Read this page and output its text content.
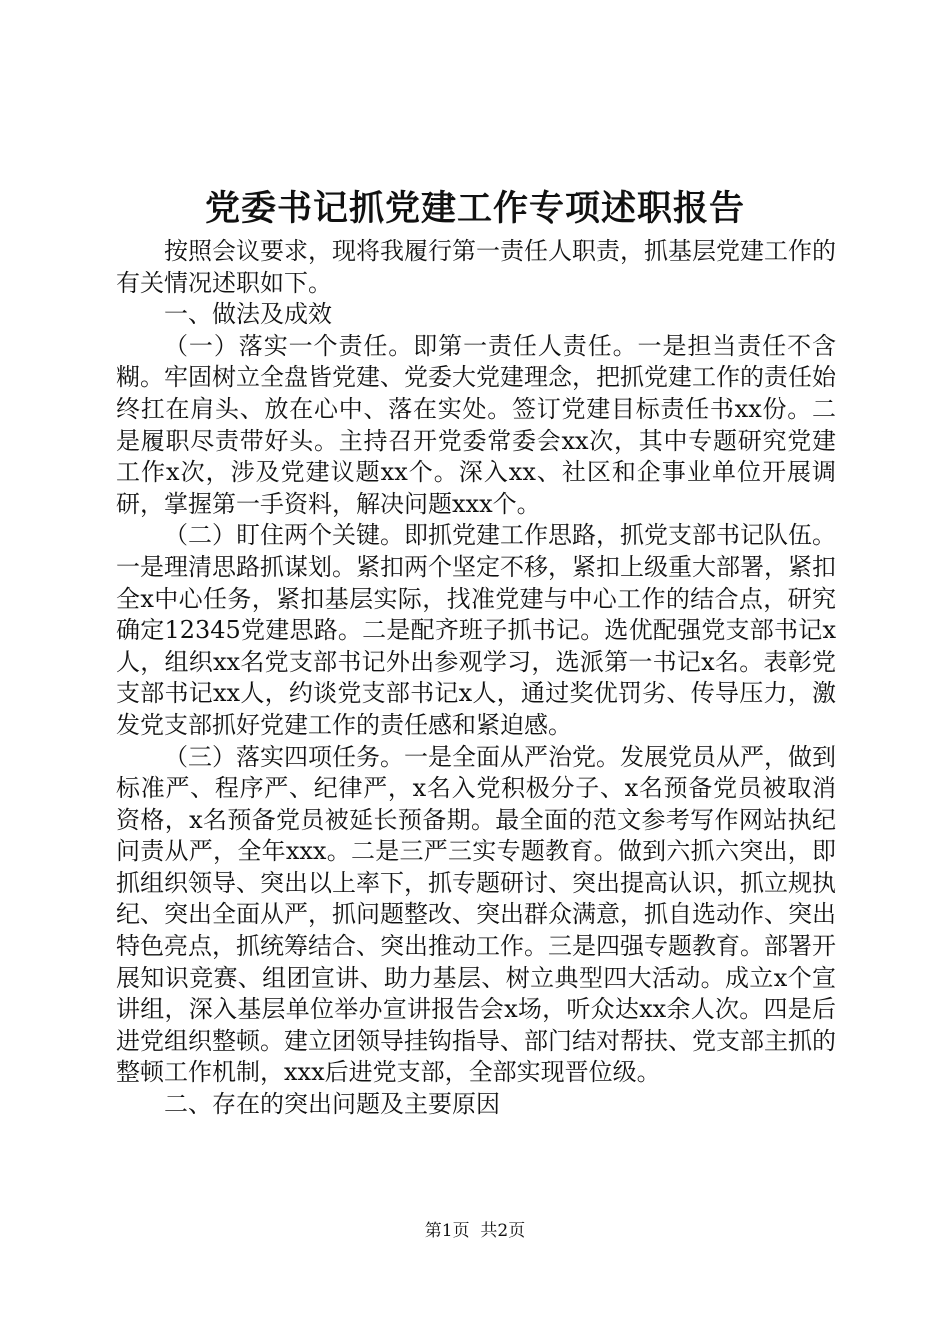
党委书记抓党建工作专项述职报告

按照会议要求，现将我履行第一责任人职责，抓基层党建工作的有关情况述职如下。

一、做法及成效

（一）落实一个责任。即第一责任人责任。一是担当责任不含糊。牢固树立全盘皆党建、党委大党建理念，把抓党建工作的责任始终扛在肩头、放在心中、落在实处。签订党建目标责任书xx份。二是履职尽责带好头。主持召开党委常委会xx次，其中专题研究党建工作x次，涉及党建议题xx个。深入xx、社区和企事业单位开展调研，掌握第一手资料，解决问题xxx个。

（二）盯住两个关键。即抓党建工作思路，抓党支部书记队伍。一是理清思路抓谋划。紧扣两个坚定不移，紧扣上级重大部署，紧扣全x中心任务，紧扣基层实际，找准党建与中心工作的结合点，研究确定12345党建思路。二是配齐班子抓书记。选优配强党支部书记x人，组织xx名党支部书记外出参观学习，选派第一书记x名。表彰党支部书记xx人，约谈党支部书记x人，通过奖优罚劣、传导压力，激发党支部抓好党建工作的责任感和紧迫感。

（三）落实四项任务。一是全面从严治党。发展党员从严，做到标准严、程序严、纪律严，x名入党积极分子、x名预备党员被取消资格，x名预备党员被延长预备期。最全面的范文参考写作网站执纪问责从严，全年xxx。二是三严三实专题教育。做到六抓六突出，即抓组织领导、突出以上率下，抓专题研讨、突出提高认识，抓立规执纪、突出全面从严，抓问题整改、突出群众满意，抓自选动作、突出特色亮点，抓统筹结合、突出推动工作。三是四强专题教育。部署开展知识竞赛、组团宣讲、助力基层、树立典型四大活动。成立x个宣讲组，深入基层单位举办宣讲报告会x场，听众达xx余人次。四是后进党组织整顿。建立团领导挂钩指导、部门结对帮扶、党支部主抓的整顿工作机制，xxx后进党支部，全部实现晋位级。

二、存在的突出问题及主要原因

第1页 共2页
